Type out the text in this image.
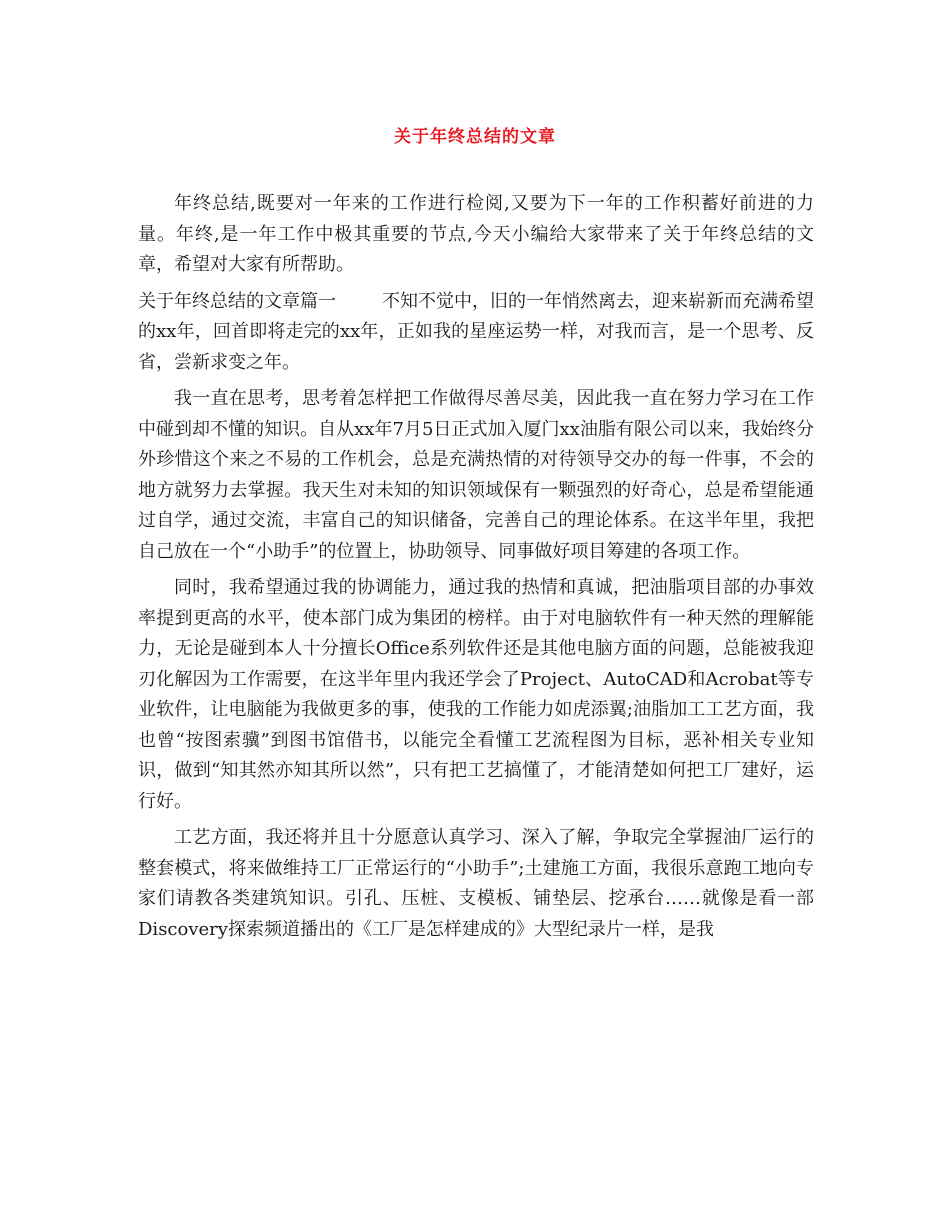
关于年终总结的文章

年终总结,既要对一年来的工作进行检阅,又要为下一年的工作积蓄好前进的力量。年终,是一年工作中极其重要的节点,今天小编给大家带来了关于年终总结的文章，希望对大家有所帮助。

关于年终总结的文章篇一	不知不觉中，旧的一年悄然离去，迎来崭新而充满希望的xx年，回首即将走完的xx年，正如我的星座运势一样，对我而言，是一个思考、反省，尝新求变之年。

我一直在思考，思考着怎样把工作做得尽善尽美，因此我一直在努力学习在工作中碰到却不懂的知识。自从xx年7月5日正式加入厦门xx油脂有限公司以来，我始终分外珍惜这个来之不易的工作机会，总是充满热情的对待领导交办的每一件事，不会的地方就努力去掌握。我天生对未知的知识领域保有一颗强烈的好奇心，总是希望能通过自学，通过交流，丰富自己的知识储备，完善自己的理论体系。在这半年里，我把自己放在一个“小助手”的位置上，协助领导、同事做好项目筹建的各项工作。

同时，我希望通过我的协调能力，通过我的热情和真诚，把油脂项目部的办事效率提到更高的水平，使本部门成为集团的榜样。由于对电脑软件有一种天然的理解能力，无论是碰到本人十分擅长Office系列软件还是其他电脑方面的问题，总能被我迎刃化解因为工作需要，在这半年里内我还学会了Project、AutoCAD和Acrobat等专业软件，让电脑能为我做更多的事，使我的工作能力如虎添翼;油脂加工工艺方面，我也曾“按图索骥”到图书馆借书，以能完全看懂工艺流程图为目标，恶补相关专业知识，做到“知其然亦知其所以然”，只有把工艺搞懂了，才能清楚如何把工厂建好，运行好。

工艺方面，我还将并且十分愿意认真学习、深入了解，争取完全掌握油厂运行的整套模式，将来做维持工厂正常运行的“小助手”;土建施工方面，我很乐意跑工地向专家们请教各类建筑知识。引孔、压桩、支模板、铺垫层、挖承台……就像是看一部Discovery探索频道播出的《工厂是怎样建成的》大型纪录片一样，是我
